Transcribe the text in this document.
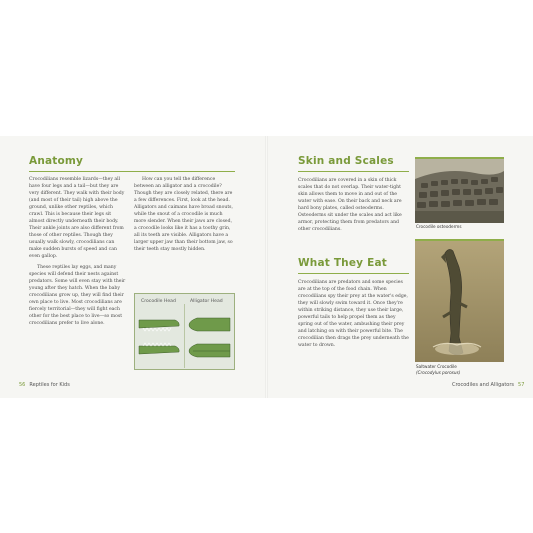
Anatomy

Crocodilians resemble lizards—they all have four legs and a tail—but they are very different. They walk with their body (and most of their tail) high above the ground, unlike other reptiles, which crawl. This is because their legs sit almost directly underneath their body. Their ankle joints are also different from those of other reptiles. Though they usually walk slowly, crocodilians can make sudden bursts of speed and can even gallop.

These reptiles lay eggs, and many species will defend their nests against predators. Some will even stay with their young after they hatch. When the baby crocodilians grow up, they will find their own place to live. Most crocodilians are fiercely territorial—they will fight each other for the best place to live—so most crocodilians prefer to live alone.

How can you tell the difference between an alligator and a crocodile? Though they are closely related, there are a few differences. First, look at the head. Alligators and caimans have broad snouts, while the snout of a crocodile is much more slender. When their jaws are closed, a crocodile looks like it has a toothy grin, all its teeth are visible. Alligators have a larger upper jaw than their bottom jaw, so their teeth stay mostly hidden.

Crocodile Head	Alligator Head
56 Reptiles for Kids
Skin and Scales

Crocodilians are covered in a skin of thick scales that do not overlap. Their water-tight skin allows them to move in and out of the water with ease. On their back and neck are hard bony plates, called osteoderms. Osteoderms sit under the scales and act like armor, protecting them from predators and other crocodilians.

What They Eat

Crocodilians are predators and some species are at the top of the food chain. When crocodilians spy their prey at the water's edge, they will slowly swim toward it. Once they're within striking distance, they use their large, powerful tails to help propel them as they spring out of the water, ambushing their prey and latching on with their powerful bite. The crocodilian then drags the prey underneath the water to drown.

Crocodile osteoderms
Saltwater Crocodile
(Crocodylus porosus)
Crocodiles and Alligators 57
